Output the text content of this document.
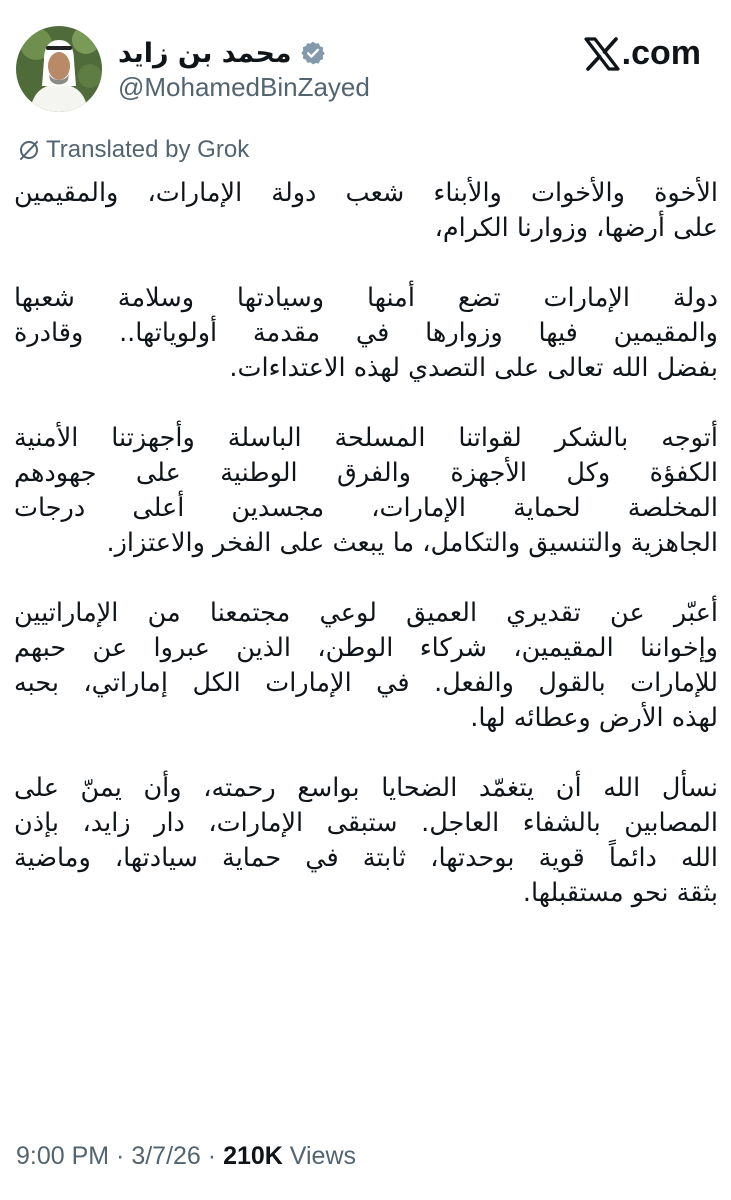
محمد بن زايد
@MohamedBinZayed
.com
Translated by Grok
الأخوة والأخوات والأبناء شعب دولة الإمارات، والمقيمين
على أرضها، وزوارنا الكرام،
دولة الإمارات تضع أمنها وسيادتها وسلامة شعبها
والمقيمين فيها وزوارها في مقدمة أولوياتها.. وقادرة
بفضل الله تعالى على التصدي لهذه الاعتداءات.
أتوجه بالشكر لقواتنا المسلحة الباسلة وأجهزتنا الأمنية
الكفؤة وكل الأجهزة والفرق الوطنية على جهودهم
المخلصة لحماية الإمارات، مجسدين أعلى درجات
الجاهزية والتنسيق والتكامل، ما يبعث على الفخر والاعتزاز.
أعبّر عن تقديري العميق لوعي مجتمعنا من الإماراتيين
وإخواننا المقيمين، شركاء الوطن، الذين عبروا عن حبهم
للإمارات بالقول والفعل. في الإمارات الكل إماراتي، بحبه
لهذه الأرض وعطائه لها.
نسأل الله أن يتغمّد الضحايا بواسع رحمته، وأن يمنّ على
المصابين بالشفاء العاجل. ستبقى الإمارات، دار زايد، بإذن
الله دائماً قوية بوحدتها، ثابتة في حماية سيادتها، وماضية
بثقة نحو مستقبلها.
9:00 PM · 3/7/26 · 210K Views
